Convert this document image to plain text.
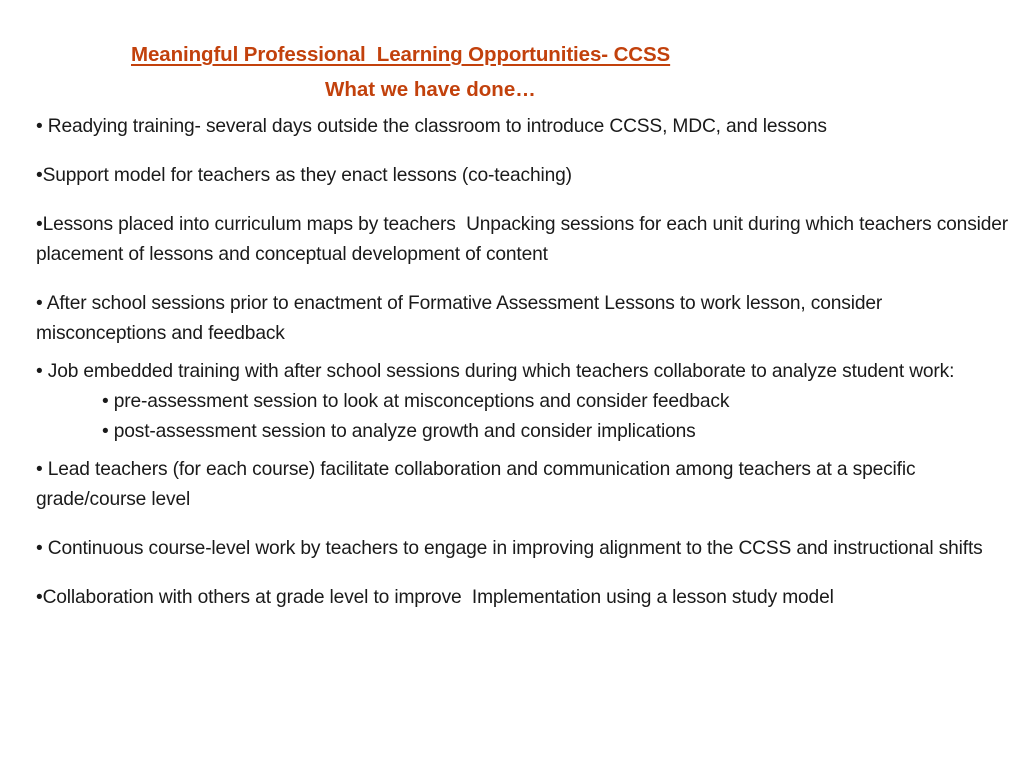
Meaningful Professional  Learning Opportunities- CCSS
What we have done…

• Readying training- several days outside the classroom to introduce CCSS, MDC, and lessons

•Support model for teachers as they enact lessons (co-teaching)

•Lessons placed into curriculum maps by teachers  Unpacking sessions for each unit during which teachers consider placement of lessons and conceptual development of content

• After school sessions prior to enactment of Formative Assessment Lessons to work lesson, consider misconceptions and feedback

• Job embedded training with after school sessions during which teachers collaborate to analyze student work:

• pre-assessment session to look at misconceptions and consider feedback

• post-assessment session to analyze growth and consider implications

• Lead teachers (for each course) facilitate collaboration and communication among teachers at a specific grade/course level

• Continuous course-level work by teachers to engage in improving alignment to the CCSS and instructional shifts

•Collaboration with others at grade level to improve  Implementation using a lesson study model
